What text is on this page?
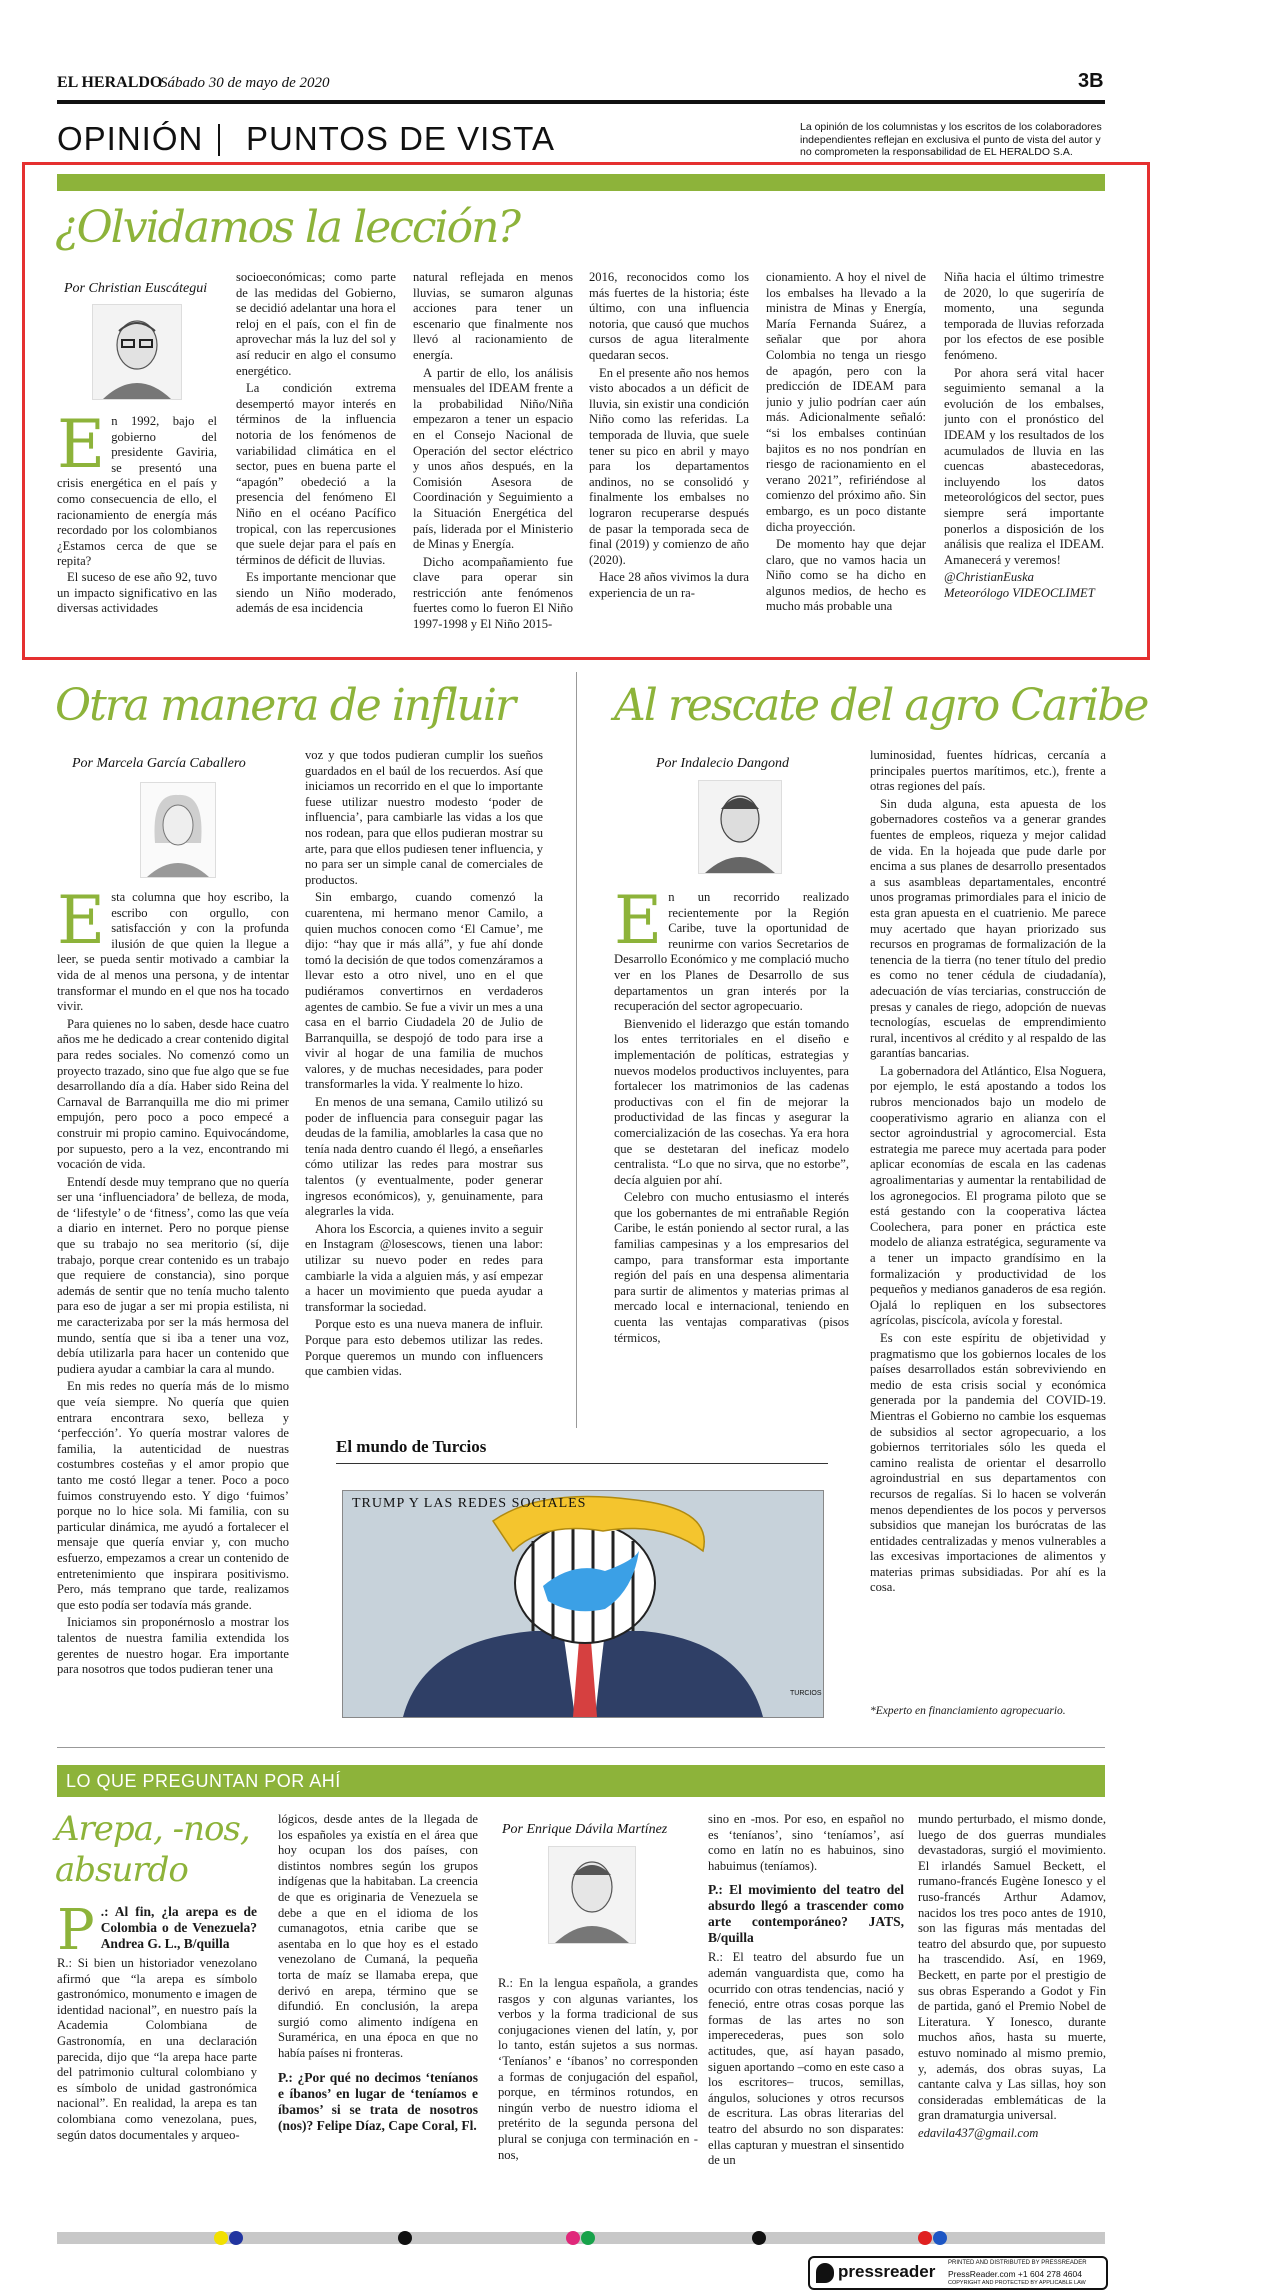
EL HERALDO
Sábado 30 de mayo de 2020	3B
OPINIÓN PUNTOS DE VISTA	La opinión de los columnistas y los escritos de los colaboradores independientes reflejan en exclusiva el punto de vista del autor y no comprometen la responsabilidad de EL HERALDO S.A.
¿Olvidamos la lección?
Por Christian Euscátegui
En 1992, bajo el gobierno del presidente Gaviria, se presentó una crisis energética en el país y como consecuencia de ello, el racionamiento de energía más recordado por los colombianos ¿Estamos cerca de que se repita?

El suceso de ese año 92, tuvo un impacto significativo en las diversas actividades

socioeconómicas; como parte de las medidas del Gobierno, se decidió adelantar una hora el reloj en el país, con el fin de aprovechar más la luz del sol y así reducir en algo el consumo energético.

La condición extrema desempertó mayor interés en términos de la influencia notoria de los fenómenos de variabilidad climática en el sector, pues en buena parte el “apagón” obedeció a la presencia del fenómeno El Niño en el océano Pacífico tropical, con las repercusiones que suele dejar para el país en términos de déficit de lluvias.

Es importante mencionar que siendo un Niño moderado, además de esa incidencia

natural reflejada en menos lluvias, se sumaron algunas acciones para tener un escenario que finalmente nos llevó al racionamiento de energía.

A partir de ello, los análisis mensuales del IDEAM frente a la probabilidad Niño/Niña empezaron a tener un espacio en el Consejo Nacional de Operación del sector eléctrico y unos años después, en la Comisión Asesora de Coordinación y Seguimiento a la Situación Energética del país, liderada por el Ministerio de Minas y Energía.

Dicho acompañamiento fue clave para operar sin restricción ante fenómenos fuertes como lo fueron El Niño 1997-1998 y El Niño 2015-

2016, reconocidos como los más fuertes de la historia; éste último, con una influencia notoria, que causó que muchos cursos de agua literalmente quedaran secos.

En el presente año nos hemos visto abocados a un déficit de lluvia, sin existir una condición Niño como las referidas. La temporada de lluvia, que suele tener su pico en abril y mayo para los departamentos andinos, no se consolidó y finalmente los embalses no lograron recuperarse después de pasar la temporada seca de final (2019) y comienzo de año (2020).

Hace 28 años vivimos la dura experiencia de un ra-

cionamiento. A hoy el nivel de los embalses ha llevado a la ministra de Minas y Energía, María Fernanda Suárez, a señalar que por ahora Colombia no tenga un riesgo de apagón, pero con la predicción de IDEAM para junio y julio podrían caer aún más. Adicionalmente señaló: “si los embalses continúan bajitos es no nos pondrían en riesgo de racionamiento en el verano 2021”, refiriéndose al comienzo del próximo año. Sin embargo, es un poco distante dicha proyección.

De momento hay que dejar claro, que no vamos hacia un Niño como se ha dicho en algunos medios, de hecho es mucho más probable una

Niña hacia el último trimestre de 2020, lo que sugeriría de momento, una segunda temporada de lluvias reforzada por los efectos de ese posible fenómeno.

Por ahora será vital hacer seguimiento semanal a la evolución de los embalses, junto con el pronóstico del IDEAM y los resultados de los acumulados de lluvia en las cuencas abastecedoras, incluyendo los datos meteorológicos del sector, pues siempre será importante ponerlos a disposición de los análisis que realiza el IDEAM. Amanecerá y veremos!

@ChristianEuska
Meteorólogo VIDEOCLIMET
Otra manera de influir
Por Marcela García Caballero
E sta columna que hoy escribo, la escribo con orgullo, con satisfacción y con la profunda ilusión de que quien la llegue a leer, se pueda sentir motivado a cambiar la vida de al menos una persona, y de intentar transformar el mundo en el que nos ha tocado vivir.

Para quienes no lo saben, desde hace cuatro años me he dedicado a crear contenido digital para redes sociales. No comenzó como un proyecto trazado, sino que fue algo que se fue desarrollando día a día. Haber sido Reina del Carnaval de Barranquilla me dio mi primer empujón, pero poco a poco empecé a construir mi propio camino. Equivocándome, por supuesto, pero a la vez, encontrando mi vocación de vida.

Entendí desde muy temprano que no quería ser una ‘influenciadora’ de belleza, de moda, de ‘lifestyle’ o de ‘fitness’, como las que veía a diario en internet. Pero no porque piense que su trabajo no sea meritorio (sí, dije trabajo, porque crear contenido es un trabajo que requiere de constancia), sino porque además de sentir que no tenía mucho talento para eso de jugar a ser mi propia estilista, ni me caracterizaba por ser la más hermosa del mundo, sentía que si iba a tener una voz, debía utilizarla para hacer un contenido que pudiera ayudar a cambiar la cara al mundo.

En mis redes no quería más de lo mismo que veía siempre. No quería que quien entrara encontrara sexo, belleza y ‘perfección’. Yo quería mostrar valores de familia, la autenticidad de nuestras costumbres costeñas y el amor propio que tanto me costó llegar a tener. Poco a poco fuimos construyendo esto. Y digo ‘fuimos’ porque no lo hice sola. Mi familia, con su particular dinámica, me ayudó a fortalecer el mensaje que quería enviar y, con mucho esfuerzo, empezamos a crear un contenido de entretenimiento que inspirara positivismo. Pero, más temprano que tarde, realizamos que esto podía ser todavía más grande.

Iniciamos sin proponérnoslo a mostrar los talentos de nuestra familia extendida los gerentes de nuestro hogar. Era importante para nosotros que todos pudieran tener una

voz y que todos pudieran cumplir los sueños guardados en el baúl de los recuerdos. Así que iniciamos un recorrido en el que lo importante fuese utilizar nuestro modesto ‘poder de influencia’, para cambiarle las vidas a los que nos rodean, para que ellos pudieran mostrar su arte, para que ellos pudiesen tener influencia, y no para ser un simple canal de comerciales de productos.

Sin embargo, cuando comenzó la cuarentena, mi hermano menor Camilo, a quien muchos conocen como ‘El Camue’, me dijo: “hay que ir más allá”, y fue ahí donde tomó la decisión de que todos comenzáramos a llevar esto a otro nivel, uno en el que pudiéramos convertirnos en verdaderos agentes de cambio. Se fue a vivir un mes a una casa en el barrio Ciudadela 20 de Julio de Barranquilla, se despojó de todo para irse a vivir al hogar de una familia de muchos valores, y de muchas necesidades, para poder transformarles la vida. Y realmente lo hizo.

En menos de una semana, Camilo utilizó su poder de influencia para conseguir pagar las deudas de la familia, amoblarles la casa que no tenía nada dentro cuando él llegó, a enseñarles cómo utilizar las redes para mostrar sus talentos (y eventualmente, poder generar ingresos económicos), y, genuinamente, para alegrarles la vida.

Ahora los Escorcia, a quienes invito a seguir en Instagram @losescows, tienen una labor: utilizar su nuevo poder en redes para cambiarle la vida a alguien más, y así empezar a hacer un movimiento que pueda ayudar a transformar la sociedad.

Porque esto es una nueva manera de influir. Porque para esto debemos utilizar las redes. Porque queremos un mundo con influencers que cambien vidas.

El mundo de Turcios
TRUMP Y LAS REDES SOCIALES
TURCIOS
Al rescate del agro Caribe
Por Indalecio Dangond
E n un recorrido realizado recientemente por la Región Caribe, tuve la oportunidad de reunirme con varios Secretarios de Desarrollo Económico y me complació mucho ver en los Planes de Desarrollo de sus departamentos un gran interés por la recuperación del sector agropecuario.

Bienvenido el liderazgo que están tomando los entes territoriales en el diseño e implementación de políticas, estrategias y nuevos modelos productivos incluyentes, para fortalecer los matrimonios de las cadenas productivas con el fin de mejorar la productividad de las fincas y asegurar la comercialización de las cosechas. Ya era hora que se destetaran del ineficaz modelo centralista. “Lo que no sirva, que no estorbe”, decía alguien por ahí.

Celebro con mucho entusiasmo el interés que los gobernantes de mi entrañable Región Caribe, le están poniendo al sector rural, a las familias campesinas y a los empresarios del campo, para transformar esta importante región del país en una despensa alimentaria para surtir de alimentos y materias primas al mercado local e internacional, teniendo en cuenta las ventajas comparativas (pisos térmicos,

luminosidad, fuentes hídricas, cercanía a principales puertos marítimos, etc.), frente a otras regiones del país.

Sin duda alguna, esta apuesta de los gobernadores costeños va a generar grandes fuentes de empleos, riqueza y mejor calidad de vida. En la hojeada que pude darle por encima a sus planes de desarrollo presentados a sus asambleas departamentales, encontré unos programas primordiales para el inicio de esta gran apuesta en el cuatrienio. Me parece muy acertado que hayan priorizado sus recursos en programas de formalización de la tenencia de la tierra (no tener título del predio es como no tener cédula de ciudadanía), adecuación de vías terciarias, construcción de presas y canales de riego, adopción de nuevas tecnologías, escuelas de emprendimiento rural, incentivos al crédito y al respaldo de las garantías bancarias.

La gobernadora del Atlántico, Elsa Noguera, por ejemplo, le está apostando a todos los rubros mencionados bajo un modelo de cooperativismo agrario en alianza con el sector agroindustrial y agrocomercial. Esta estrategia me parece muy acertada para poder aplicar economías de escala en las cadenas agroalimentarias y aumentar la rentabilidad de los agronegocios. El programa piloto que se está gestando con la cooperativa láctea Coolechera, para poner en práctica este modelo de alianza estratégica, seguramente va a tener un impacto grandísimo en la formalización y productividad de los pequeños y medianos ganaderos de esa región. Ojalá lo repliquen en los subsectores agrícolas, piscícola, avícola y forestal.

Es con este espíritu de objetividad y pragmatismo que los gobiernos locales de los países desarrollados están sobreviviendo en medio de esta crisis social y económica generada por la pandemia del COVID-19. Mientras el Gobierno no cambie los esquemas de subsidios al sector agropecuario, a los gobiernos territoriales sólo les queda el camino realista de orientar el desarrollo agroindustrial en sus departamentos con recursos de regalías. Si lo hacen se volverán menos dependientes de los pocos y perversos subsidios que manejan los burócratas de las entidades centralizadas y menos vulnerables a las excesivas importaciones de alimentos y materias primas subsidiadas. Por ahí es la cosa.

*Experto en financiamiento agropecuario.
LO QUE PREGUNTAN POR AHÍ
Arepa, -nos,
absurdo
P .: Al fin, ¿la arepa es de Colombia o de Venezuela? Andrea G. L., B/quilla

R.: Si bien un historiador venezolano afirmó que “la arepa es símbolo gastronómico, monumento e imagen de identidad nacional”, en nuestro país la Academia Colombiana de Gastronomía, en una declaración parecida, dijo que “la arepa hace parte del patrimonio cultural colombiano y es símbolo de unidad gastronómica nacional”. En realidad, la arepa es tan colombiana como venezolana, pues, según datos documentales y arqueo-

lógicos, desde antes de la llegada de los españoles ya existía en el área que hoy ocupan los dos países, con distintos nombres según los grupos indígenas que la habitaban. La creencia de que es originaria de Venezuela se debe a que en el idioma de los cumanagotos, etnia caribe que se asentaba en lo que hoy es el estado venezolano de Cumaná, la pequeña torta de maíz se llamaba erepa, que derivó en arepa, término que se difundió. En conclusión, la arepa surgió como alimento indígena en Suramérica, en una época en que no había países ni fronteras.

P.: ¿Por qué no decimos ‘teníanos e íbanos’ en lugar de ‘teníamos e íbamos’ si se trata de nosotros (nos)? Felipe Díaz, Cape Coral, Fl.
Por Enrique Dávila Martínez

R.: En la lengua española, a grandes rasgos y con algunas variantes, los verbos y la forma tradicional de sus conjugaciones vienen del latín, y, por lo tanto, están sujetos a sus normas. ‘Teníanos’ e ‘íbanos’ no corresponden a formas de conjugación del español, porque, en términos rotundos, en ningún verbo de nuestro idioma el pretérito de la segunda persona del plural se conjuga con terminación en -nos,

sino en -mos. Por eso, en español no es ‘teníanos’, sino ‘teníamos’, así como en latín no es habuinos, sino habuimus (teníamos).

P.: El movimiento del teatro del absurdo llegó a trascender como arte contemporáneo? JATS, B/quilla

R.: El teatro del absurdo fue un ademán vanguardista que, como ha ocurrido con otras tendencias, nació y feneció, entre otras cosas porque las formas de las artes no son imperecederas, pues son solo actitudes, que, así hayan pasado, siguen aportando –como en este caso a los escritores– trucos, semillas, ángulos, soluciones y otros recursos de escritura. Las obras literarias del teatro del absurdo no son disparates: ellas capturan y muestran el sinsentido de un

mundo perturbado, el mismo donde, luego de dos guerras mundiales devastadoras, surgió el movimiento. El irlandés Samuel Beckett, el rumano-francés Eugène Ionesco y el ruso-francés Arthur Adamov, nacidos los tres poco antes de 1910, son las figuras más mentadas del teatro del absurdo que, por supuesto ha trascendido. Así, en 1969, Beckett, en parte por el prestigio de sus obras Esperando a Godot y Fin de partida, ganó el Premio Nobel de Literatura. Y Ionesco, durante muchos años, hasta su muerte, estuvo nominado al mismo premio, y, además, dos obras suyas, La cantante calva y Las sillas, hoy son consideradas emblemáticas de la gran dramaturgia universal.

edavila437@gmail.com
pressreader PRINTED AND DISTRIBUTED BY PRESSREADER
PressReader.com +1 604 278 4604
COPYRIGHT AND PROTECTED BY APPLICABLE LAW
